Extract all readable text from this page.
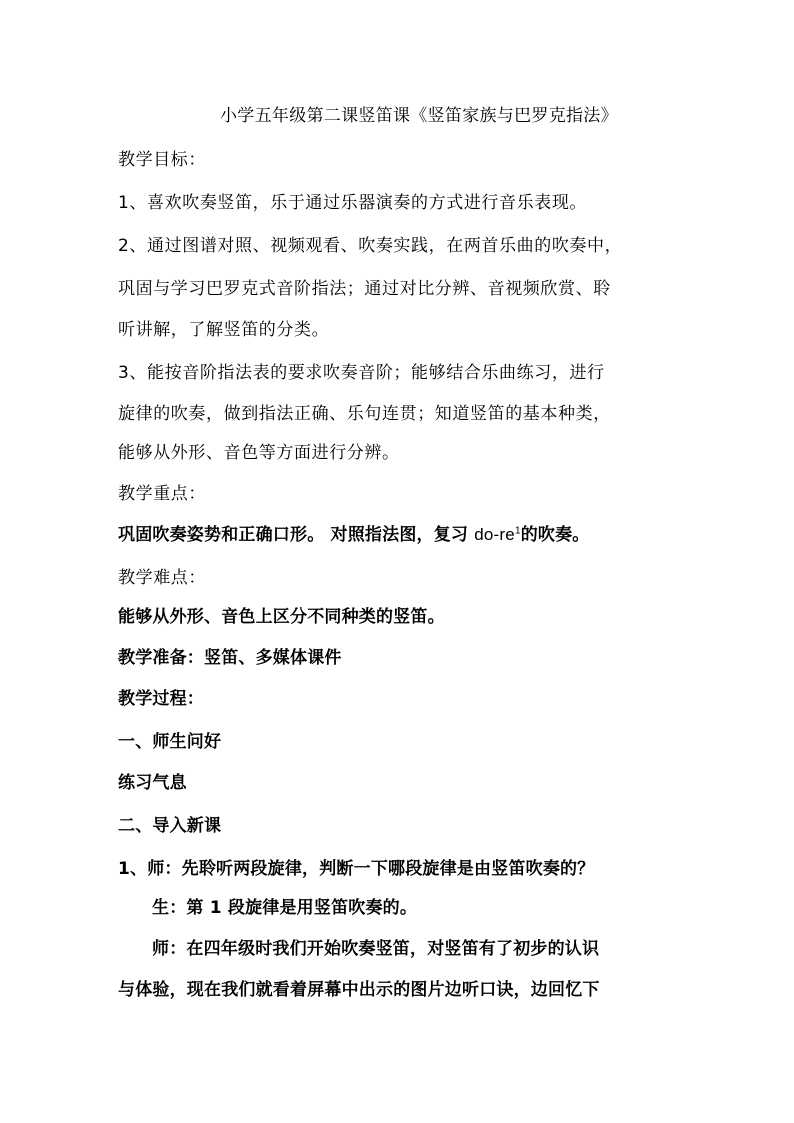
小学五年级第二课竖笛课《竖笛家族与巴罗克指法》
教学目标：
1、喜欢吹奏竖笛，乐于通过乐器演奏的方式进行音乐表现。
2、通过图谱对照、视频观看、吹奏实践，在两首乐曲的吹奏中，
巩固与学习巴罗克式音阶指法；通过对比分辨、音视频欣赏、聆
听讲解，了解竖笛的分类。
3、能按音阶指法表的要求吹奏音阶；能够结合乐曲练习，进行
旋律的吹奏，做到指法正确、乐句连贯；知道竖笛的基本种类，
能够从外形、音色等方面进行分辨。
教学重点：
巩固吹奏姿势和正确口形。 对照指法图，复习 $do-re^1$的吹奏。
教学难点：
能够从外形、音色上区分不同种类的竖笛。
教学准备：竖笛、多媒体课件
教学过程：
一、师生问好
练习气息
二、导入新课
1、师：先聆听两段旋律，判断一下哪段旋律是由竖笛吹奏的？
生：第 1 段旋律是用竖笛吹奏的。
师：在四年级时我们开始吹奏竖笛，对竖笛有了初步的认识
与体验，现在我们就看着屏幕中出示的图片边听口诀，边回忆下
